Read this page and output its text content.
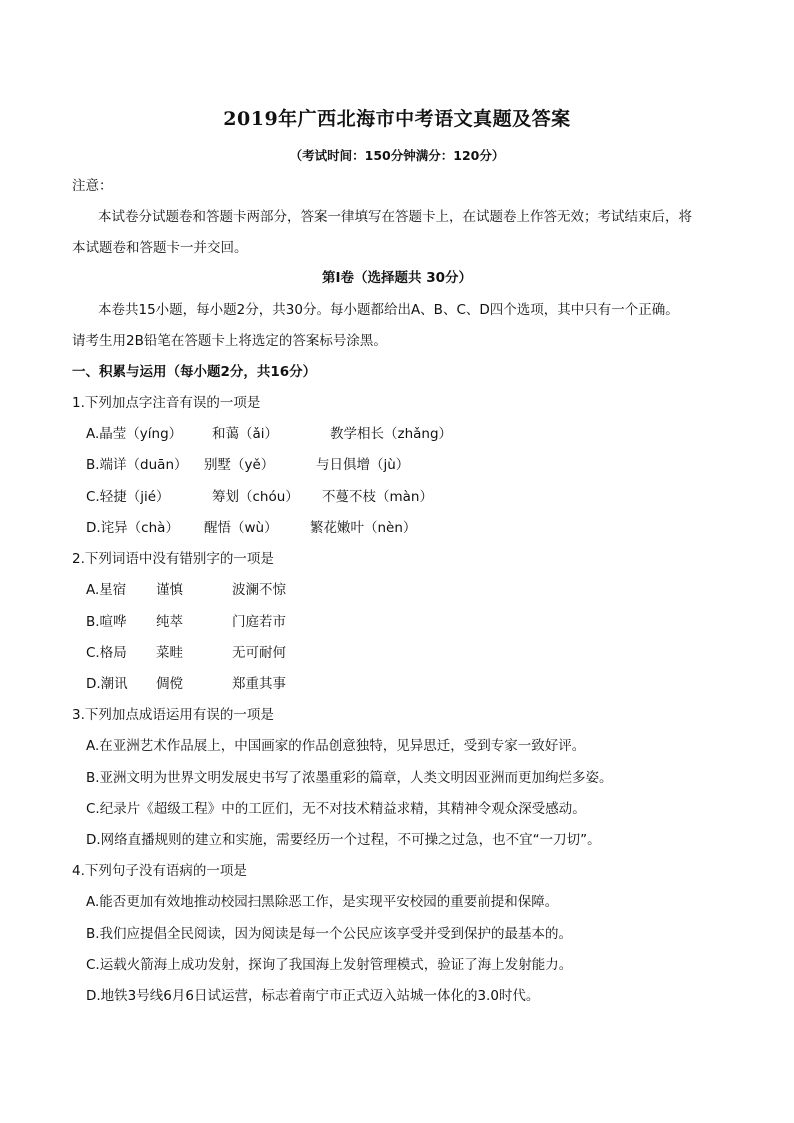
2019年广西北海市中考语文真题及答案
（考试时间：150分钟满分：120分）
注意：
本试卷分试题卷和答题卡两部分，答案一律填写在答题卡上，在试题卷上作答无效；考试结束后，将
本试题卷和答题卡一并交回。
第Ⅰ卷（选择题共 30分）
本卷共15小题，每小题2分，共30分。每小题都给出A、B、C、D四个选项，其中只有一个正确。
请考生用2B铅笔在答题卡上将选定的答案标号涂黑。
一、积累与运用（每小题2分，共16分）
1.下列加点字注音有误的一项是
A.晶莹（yíng） 和蔼（ǎi）	教学相长（zhǎng）
B.端详（duān） 别墅（yě）	与日俱增（jù）
C.轻捷（jié）	筹划（chóu） 不蔓不枝（màn）
D.诧异（chà） 醒悟（wù） 繁花嫩叶（nèn）
2.下列词语中没有错别字的一项是
A.星宿 谨慎	波澜不惊
B.喧哗 纯萃	门庭若市
C.格局 菜畦	无可耐何
D.潮讯 倜傥	郑重其事
3.下列加点成语运用有误的一项是
A.在亚洲艺术作品展上，中国画家的作品创意独特，见异思迁，受到专家一致好评。
B.亚洲文明为世界文明发展史书写了浓墨重彩的篇章，人类文明因亚洲而更加绚烂多姿。
C.纪录片《超级工程》中的工匠们，无不对技术精益求精，其精神令观众深受感动。
D.网络直播规则的建立和实施，需要经历一个过程，不可操之过急，也不宜“一刀切”。
4.下列句子没有语病的一项是
A.能否更加有效地推动校园扫黑除恶工作，是实现平安校园的重要前提和保障。
B.我们应提倡全民阅读，因为阅读是每一个公民应该享受并受到保护的最基本的。
C.运载火箭海上成功发射，探询了我国海上发射管理模式，验证了海上发射能力。
D.地铁3号线6月6日试运营，标志着南宁市正式迈入站城一体化的3.0时代。
